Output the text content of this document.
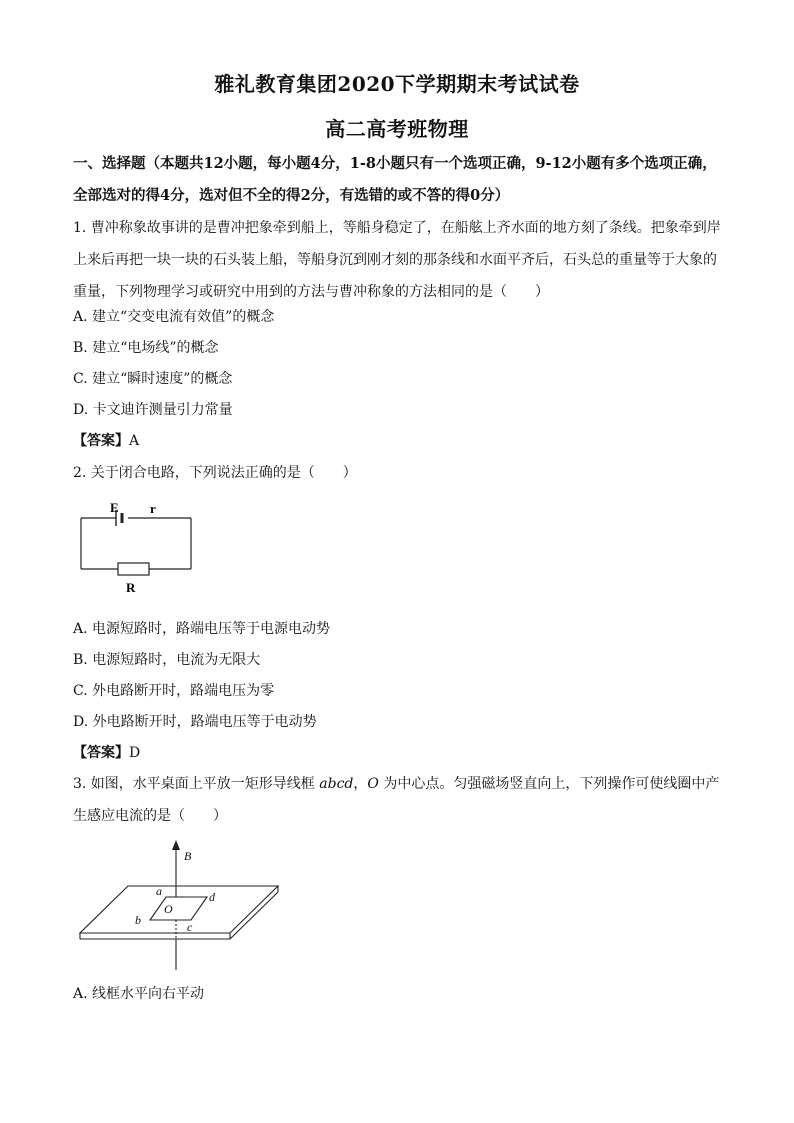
雅礼教育集团2020下学期期末考试试卷
高二高考班物理
一、选择题（本题共12小题，每小题4分，1-8小题只有一个选项正确，9-12小题有多个选项正确，全部选对的得4分，选对但不全的得2分，有选错的或不答的得0分）
1. 曹冲称象故事讲的是曹冲把象牵到船上，等船身稳定了，在船舷上齐水面的地方刻了条线。把象牵到岸上来后再把一块一块的石头装上船，等船身沉到刚才刻的那条线和水面平齐后，石头总的重量等于大象的重量，下列物理学习或研究中用到的方法与曹冲称象的方法相同的是（　　）
A. 建立“交变电流有效值”的概念
B. 建立“电场线”的概念
C. 建立“瞬时速度”的概念
D. 卡文迪许测量引力常量
【答案】A
2. 关于闭合电路，下列说法正确的是（　　）
E r
R
A. 电源短路时，路端电压等于电源电动势
B. 电源短路时，电流为无限大
C. 外电路断开时，路端电压为零
D. 外电路断开时，路端电压等于电动势
【答案】D
3. 如图，水平桌面上平放一矩形导线框 abcd，O 为中心点。匀强磁场竖直向上，下列操作可使线圈中产生感应电流的是（　　）
B
a	d
b	c
O
A. 线框水平向右平动
